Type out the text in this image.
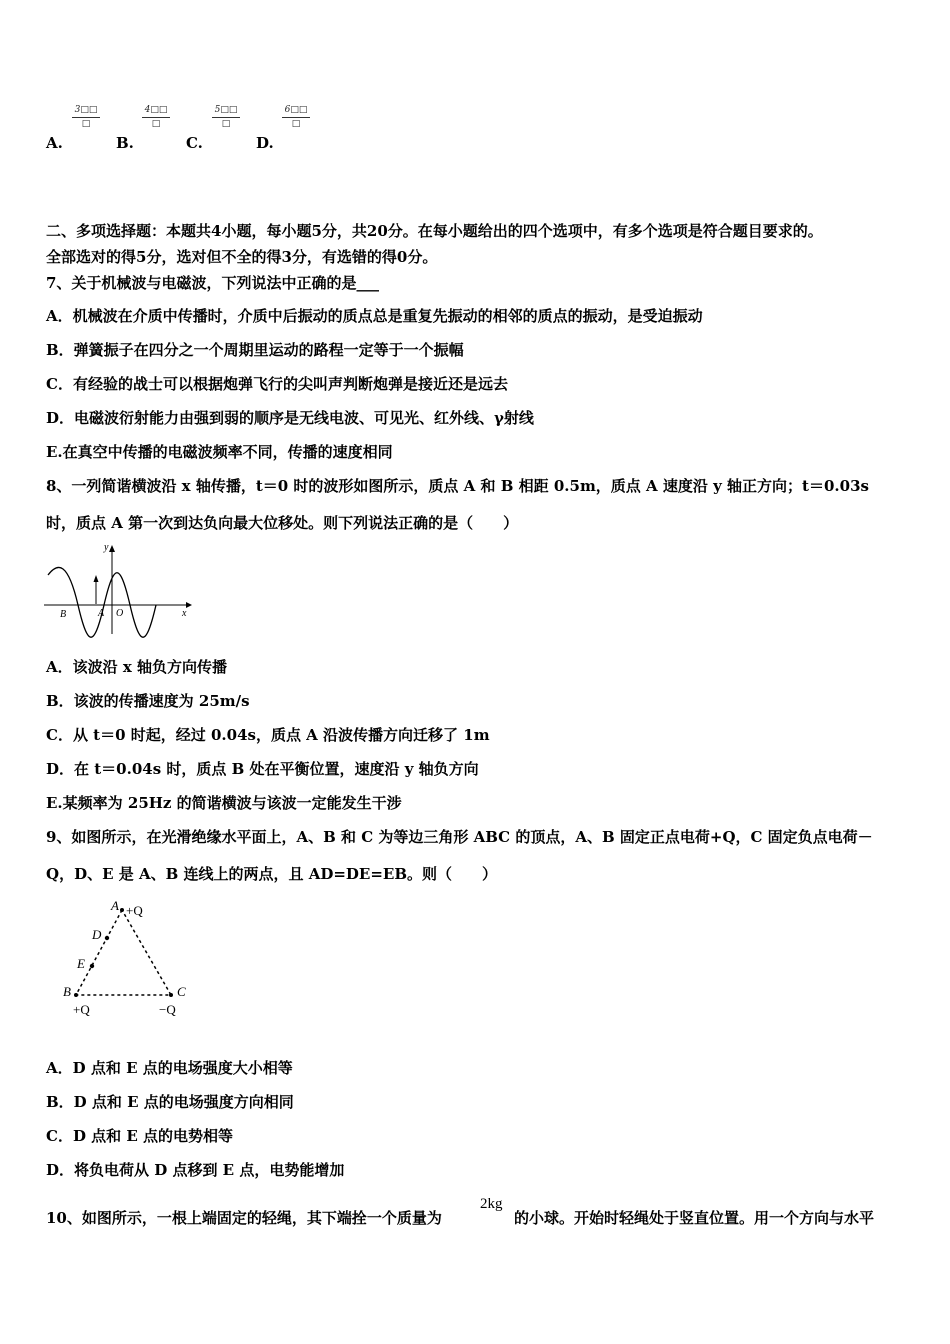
A.
3□□
□
B.
4□□
□
C.
5□□
□
D.
6□□
□
二、多项选择题：本题共4小题，每小题5分，共20分。在每小题给出的四个选项中，有多个选项是符合题目要求的。
全部选对的得5分，选对但不全的得3分，有选错的得0分。
7、关于机械波与电磁波，下列说法中正确的是___
A．机械波在介质中传播时，介质中后振动的质点总是重复先振动的相邻的质点的振动，是受迫振动
B．弹簧振子在四分之一个周期里运动的路程一定等于一个振幅
C．有经验的战士可以根据炮弹飞行的尖叫声判断炮弹是接近还是远去
D．电磁波衍射能力由强到弱的顺序是无线电波、可见光、红外线、γ射线
E.在真空中传播的电磁波频率不同，传播的速度相同
8、一列简谐横波沿 x 轴传播，t＝0 时的波形如图所示，质点 A 和 B 相距 0.5m，质点 A 速度沿 y 轴正方向；t＝0.03s
时，质点 A 第一次到达负向最大位移处。则下列说法正确的是（　　）
y
x
B	A O
A．该波沿 x 轴负方向传播
B．该波的传播速度为 25m/s
C．从 t＝0 时起，经过 0.04s，质点 A 沿波传播方向迁移了 1m
D．在 t＝0.04s 时，质点 B 处在平衡位置，速度沿 y 轴负方向
E.某频率为 25Hz 的简谐横波与该波一定能发生干涉
9、如图所示，在光滑绝缘水平面上，A、B 和 C 为等边三角形 ABC 的顶点，A、B 固定正点电荷+Q，C 固定负点电荷－
Q，D、E 是 A、B 连线上的两点，且 AD=DE=EB。则（　　）
A +Q
D
E
B	C
+Q	−Q
A．D 点和 E 点的电场强度大小相等
B．D 点和 E 点的电场强度方向相同
C．D 点和 E 点的电势相等
D．将负电荷从 D 点移到 E 点，电势能增加
10、如图所示，一根上端固定的轻绳，其下端拴一个质量为
2kg
的小球。开始时轻绳处于竖直位置。用一个方向与水平
